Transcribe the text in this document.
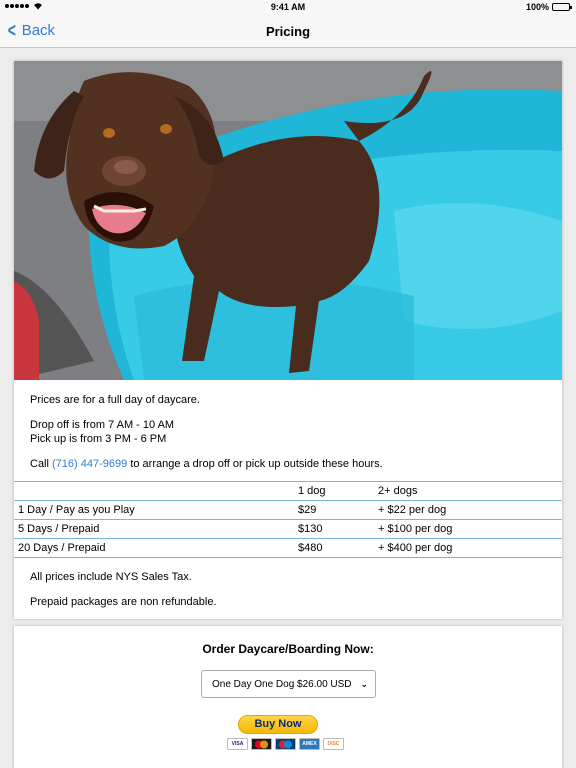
9:41 AM	100%
< Back	Pricing

Prices are for a full day of daycare.

Drop off is from 7 AM - 10 AM

Pick up is from 3 PM - 6 PM

Call (716) 447-9699 to arrange a drop off or pick up outside these hours.

	1 dog	2+ dogs
1 Day / Pay as you Play	$29	+ $22 per dog
5 Days / Prepaid	$130	+ $100 per dog
20 Days / Prepaid	$480	+ $400 per dog

All prices include NYS Sales Tax.

Prepaid packages are non refundable.

Order Daycare/Boarding Now:
One Day One Dog $26.00 USD ⌄
Buy Now
VISA	AMEX	DISC
